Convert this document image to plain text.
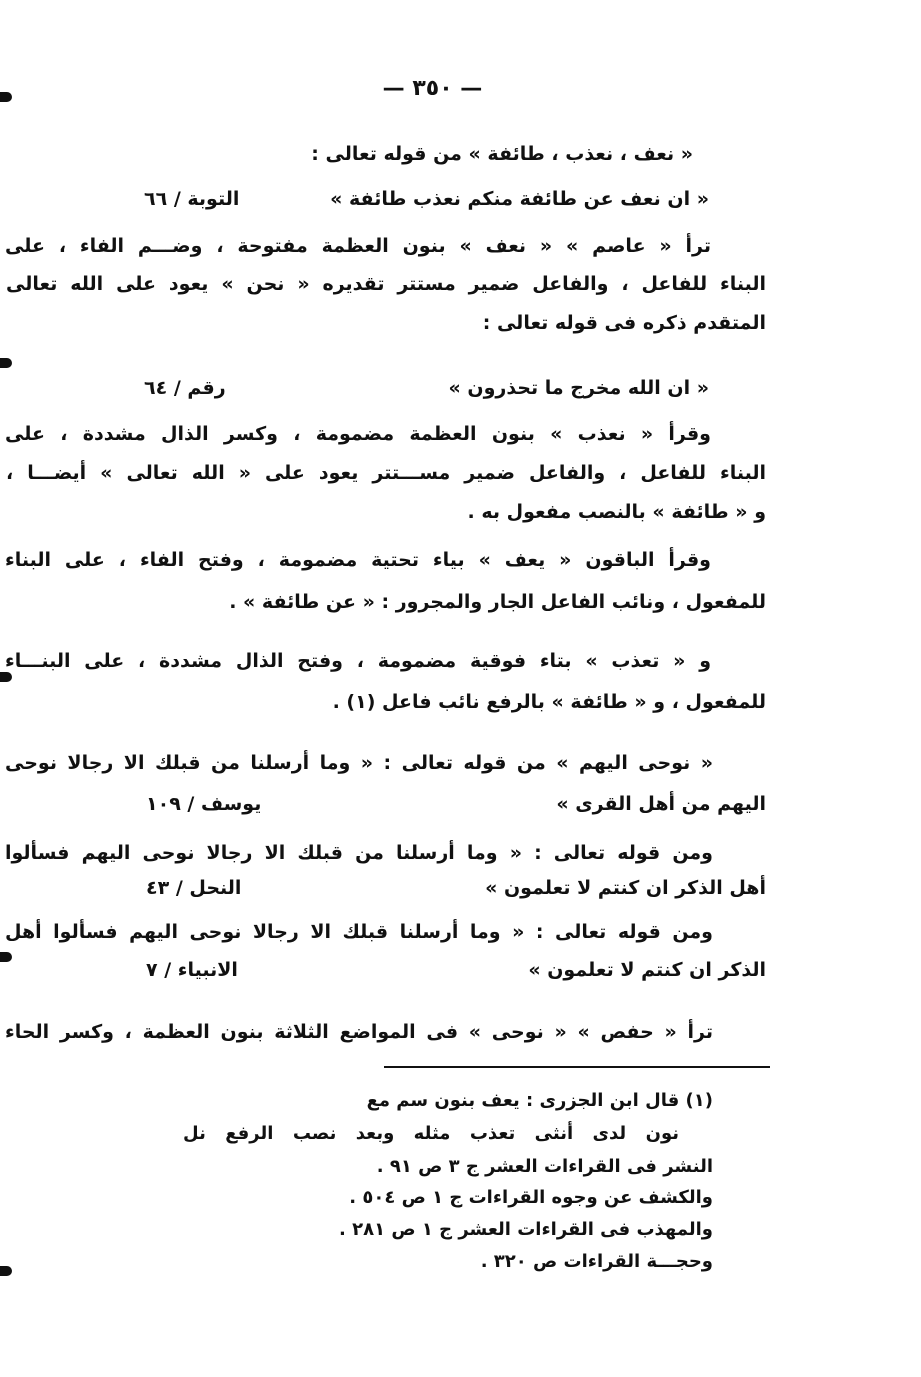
— ٣٥٠ —
« نعف ، نعذب ، طائفة » من قوله تعالى :
« ان نعف عن طائفة منكم نعذب طائفة »
التوبة / ٦٦
ترأ « عاصم » « نعف » بنون العظمة مفتوحة ، وضـــم الفاء ، على
البناء للفاعل ، والفاعل ضمير مستتر تقديره « نحن » يعود على الله تعالى
المتقدم ذكره فى قوله تعالى :
« ان الله مخرج ما تحذرون »
رقم / ٦٤
وقرأ « نعذب » بنون العظمة مضمومة ، وكسر الذال مشددة ، على
البناء للفاعل ، والفاعل ضمير مســـتتر يعود على « الله تعالى » أيضـــا ،
و « طائفة » بالنصب مفعول به .
وقرأ الباقون « يعف » بياء تحتية مضمومة ، وفتح الفاء ، على البناء
للمفعول ، ونائب الفاعل الجار والمجرور : « عن طائفة » .
و « تعذب » بتاء فوقية مضمومة ، وفتح الذال مشددة ، على البنـــاء
للمفعول ، و « طائفة » بالرفع نائب فاعل (١) .
« نوحى اليهم » من قوله تعالى : « وما أرسلنا من قبلك الا رجالا نوحى
اليهم من أهل القرى »
يوسف / ١٠٩
ومن قوله تعالى : « وما أرسلنا من قبلك الا رجالا نوحى اليهم فسألوا
أهل الذكر ان كنتم لا تعلمون »
النحل / ٤٣
ومن قوله تعالى : « وما أرسلنا قبلك الا رجالا نوحى اليهم فسألوا أهل
الذكر ان كنتم لا تعلمون »
الانبياء / ٧
ترأ « حفص » « نوحى » فى المواضع الثلاثة بنون العظمة ، وكسر الحاء
(١) قال ابن الجزرى : يعف بنون سم مع
نون لدى أنثى تعذب مثله وبعد نصب الرفع نل
النشر فى القراءات العشر ج ٣ ص ٩١ .
والكشف عن وجوه القراءات ج ١ ص ٥٠٤ .
والمهذب فى القراءات العشر ج ١ ص ٢٨١ .
وحجـــة القراءات ص ٣٢٠ .
